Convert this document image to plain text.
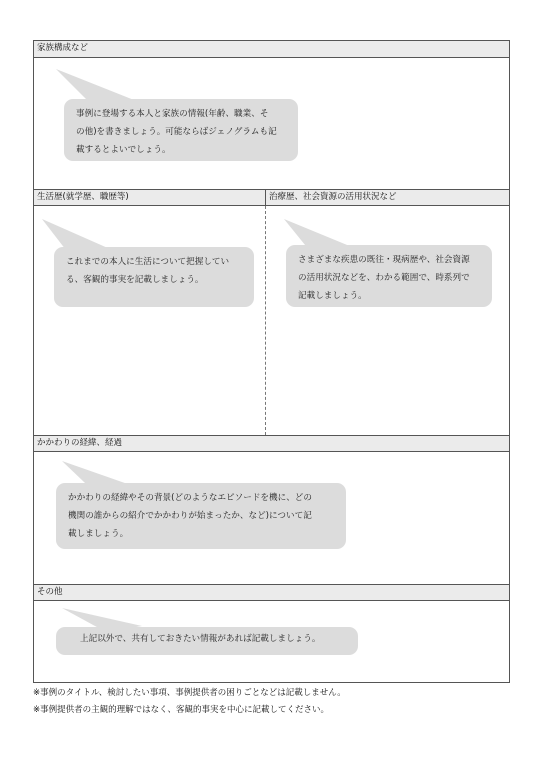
家族構成など
事例に登場する本人と家族の情報(年齢、職業、そ
の他)を書きましょう。可能ならばジェノグラムも記
載するとよいでしょう。
生活歴(就学歴、職歴等)	治療歴、社会資源の活用状況など
これまでの本人に生活について把握してい
る、客観的事実を記載しましょう。
さまざまな疾患の既往・現病歴や、社会資源
の活用状況などを、わかる範囲で、時系列で
記載しましょう。
かかわりの経緯、経過
かかわりの経緯やその背景(どのようなエピソードを機に、どの
機関の誰からの紹介でかかわりが始まったか、など)について記
載しましょう。
その他
上記以外で、共有しておきたい情報があれば記載しましょう。
※事例のタイトル、検討したい事項、事例提供者の困りごとなどは記載しません。
※事例提供者の主観的理解ではなく、客観的事実を中心に記載してください。
